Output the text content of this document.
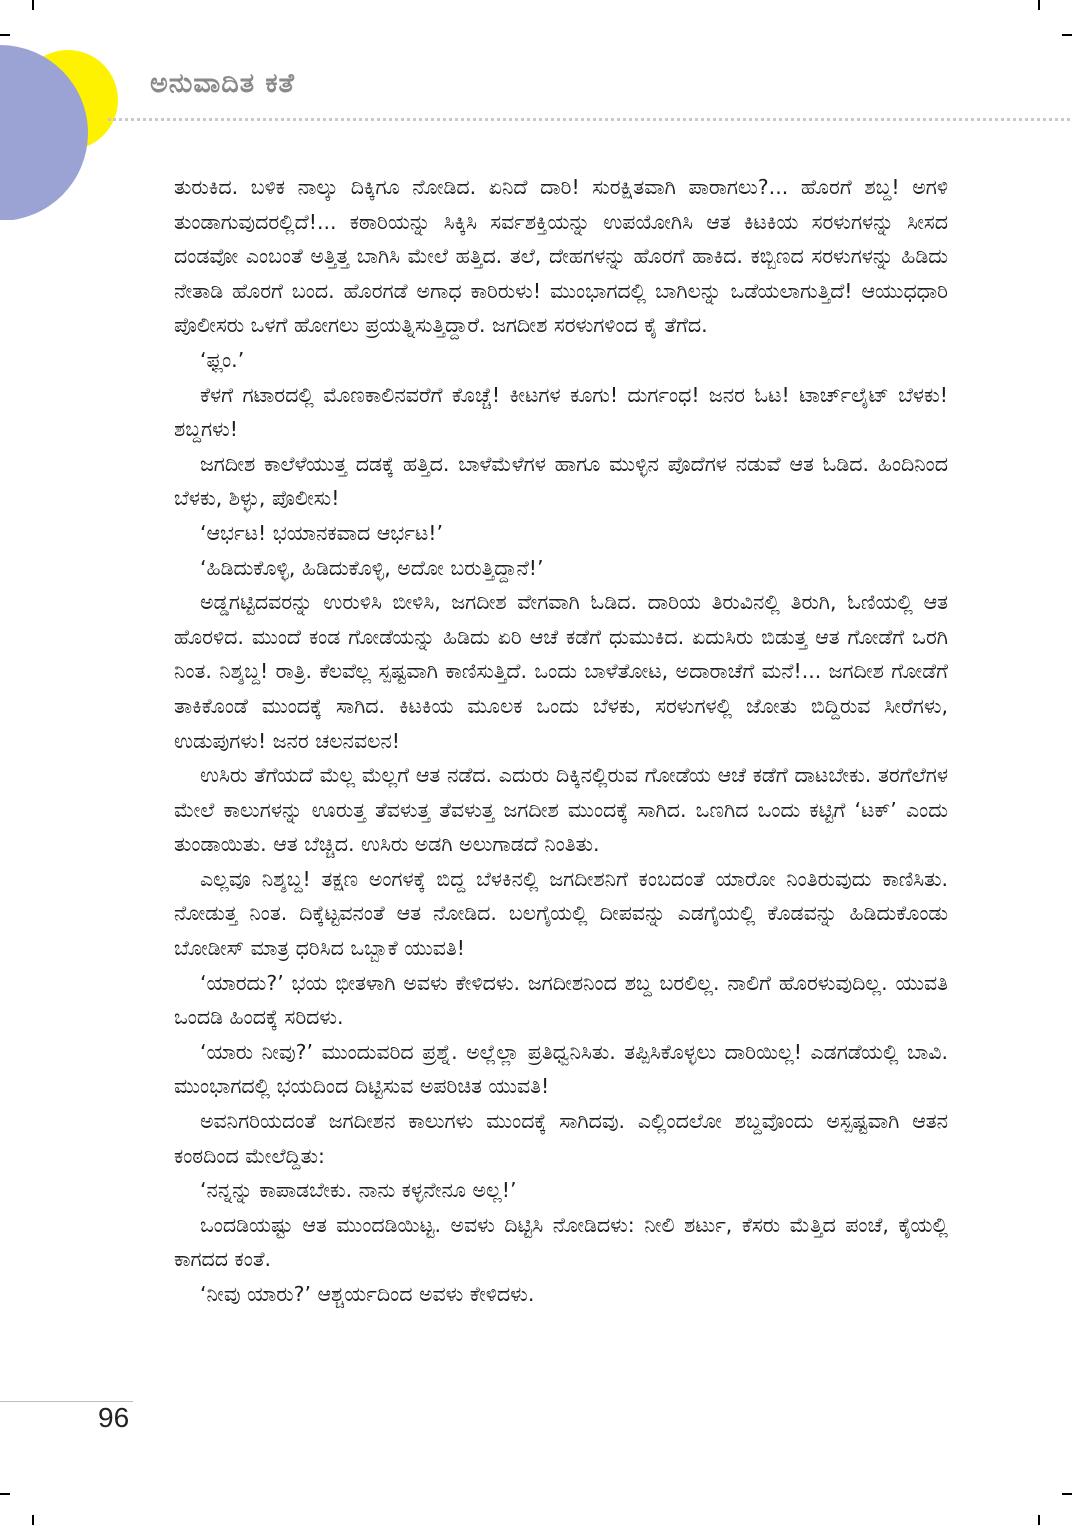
ಅನುವಾದಿತ ಕತೆ

ತುರುಕಿದ. ಬಳಿಕ ನಾಲ್ಕು ದಿಕ್ಕಿಗೂ ನೋಡಿದ. ಏನಿದೆ ದಾರಿ! ಸುರಕ್ಷಿತವಾಗಿ ಪಾರಾಗಲು?... ಹೊರಗೆ ಶಬ್ದ! ಅಗಳಿ ತುಂಡಾಗುವುದರಲ್ಲಿದೆ!... ಕಠಾರಿಯನ್ನು ಸಿಕ್ಕಿಸಿ ಸರ್ವಶಕ್ತಿಯನ್ನು ಉಪಯೋಗಿಸಿ ಆತ ಕಿಟಕಿಯ ಸರಳುಗಳನ್ನು ಸೀಸದ ದಂಡವೋ ಎಂಬಂತೆ ಅತ್ತಿತ್ತ ಬಾಗಿಸಿ ಮೇಲೆ ಹತ್ತಿದ. ತಲೆ, ದೇಹಗಳನ್ನು ಹೊರಗೆ ಹಾಕಿದ. ಕಬ್ಬಿಣದ ಸರಳುಗಳನ್ನು ಹಿಡಿದು ನೇತಾಡಿ ಹೊರಗೆ ಬಂದ. ಹೊರಗಡೆ ಅಗಾಧ ಕಾರಿರುಳು! ಮುಂಭಾಗದಲ್ಲಿ ಬಾಗಿಲನ್ನು ಒಡೆಯಲಾಗುತ್ತಿದೆ! ಆಯುಧಧಾರಿ ಪೊಲೀಸರು ಒಳಗೆ ಹೋಗಲು ಪ್ರಯತ್ನಿಸುತ್ತಿದ್ದಾರೆ. ಜಗದೀಶ ಸರಳುಗಳಿಂದ ಕೈ ತೆಗೆದ.

‘ಫ್ಲಂ.’

ಕೆಳಗೆ ಗಟಾರದಲ್ಲಿ ಮೊಣಕಾಲಿನವರೆಗೆ ಕೊಚ್ಚೆ! ಕೀಟಗಳ ಕೂಗು! ದುರ್ಗಂಧ! ಜನರ ಓಟ! ಟಾರ್ಚ್‌ಲೈಟ್ ಬೆಳಕು! ಶಬ್ದಗಳು!

ಜಗದೀಶ ಕಾಲೆಳೆಯುತ್ತ ದಡಕ್ಕೆ ಹತ್ತಿದ. ಬಾಳೆಮೆಳೆಗಳ ಹಾಗೂ ಮುಳ್ಳಿನ ಪೊದೆಗಳ ನಡುವೆ ಆತ ಓಡಿದ. ಹಿಂದಿನಿಂದ ಬೆಳಕು, ಶಿಳ್ಳು, ಪೊಲೀಸು!

‘ಆರ್ಭಟ! ಭಯಾನಕವಾದ ಆರ್ಭಟ!’

‘ಹಿಡಿದುಕೊಳ್ಳಿ, ಹಿಡಿದುಕೊಳ್ಳಿ, ಅದೋ ಬರುತ್ತಿದ್ದಾನೆ!’

ಅಡ್ಡಗಟ್ಟಿದವರನ್ನು ಉರುಳಿಸಿ ಬೀಳಿಸಿ, ಜಗದೀಶ ವೇಗವಾಗಿ ಓಡಿದ. ದಾರಿಯ ತಿರುವಿನಲ್ಲಿ ತಿರುಗಿ, ಓಣಿಯಲ್ಲಿ ಆತ ಹೊರಳಿದ. ಮುಂದೆ ಕಂಡ ಗೋಡೆಯನ್ನು ಹಿಡಿದು ಏರಿ ಆಚೆ ಕಡೆಗೆ ಧುಮುಕಿದ. ಏದುಸಿರು ಬಿಡುತ್ತ ಆತ ಗೋಡೆಗೆ ಒರಗಿ ನಿಂತ. ನಿಶ್ಶಬ್ದ! ರಾತ್ರಿ. ಕೆಲವೆಲ್ಲ ಸ್ಪಷ್ಟವಾಗಿ ಕಾಣಿಸುತ್ತಿದೆ. ಒಂದು ಬಾಳೆತೋಟ, ಅದಾರಾಚೆಗೆ ಮನೆ!... ಜಗದೀಶ ಗೋಡೆಗೆ ತಾಕಿಕೊಂಡೆ ಮುಂದಕ್ಕೆ ಸಾಗಿದ. ಕಿಟಕಿಯ ಮೂಲಕ ಒಂದು ಬೆಳಕು, ಸರಳುಗಳಲ್ಲಿ ಜೋತು ಬಿದ್ದಿರುವ ಸೀರೆಗಳು, ಉಡುಪುಗಳು! ಜನರ ಚಲನವಲನ!

ಉಸಿರು ತೆಗೆಯದೆ ಮೆಲ್ಲ ಮೆಲ್ಲಗೆ ಆತ ನಡೆದ. ಎದುರು ದಿಕ್ಕಿನಲ್ಲಿರುವ ಗೋಡೆಯ ಆಚೆ ಕಡೆಗೆ ದಾಟಬೇಕು. ತರಗೆಲೆಗಳ ಮೇಲೆ ಕಾಲುಗಳನ್ನು ಊರುತ್ತ ತೆವಳುತ್ತ ತೆವಳುತ್ತ ಜಗದೀಶ ಮುಂದಕ್ಕೆ ಸಾಗಿದ. ಒಣಗಿದ ಒಂದು ಕಟ್ಟಿಗೆ ‘ಟಕ್’ ಎಂದು ತುಂಡಾಯಿತು. ಆತ ಬೆಚ್ಚಿದ. ಉಸಿರು ಅಡಗಿ ಅಲುಗಾಡದೆ ನಿಂತಿತು.

ಎಲ್ಲವೂ ನಿಶ್ಶಬ್ದ! ತಕ್ಷಣ ಅಂಗಳಕ್ಕೆ ಬಿದ್ದ ಬೆಳಕಿನಲ್ಲಿ ಜಗದೀಶನಿಗೆ ಕಂಬದಂತೆ ಯಾರೋ ನಿಂತಿರುವುದು ಕಾಣಿಸಿತು. ನೋಡುತ್ತ ನಿಂತ. ದಿಕ್ಕೆಟ್ಟವನಂತೆ ಆತ ನೋಡಿದ. ಬಲಗೈಯಲ್ಲಿ ದೀಪವನ್ನು ಎಡಗೈಯಲ್ಲಿ ಕೊಡವನ್ನು ಹಿಡಿದುಕೊಂಡು ಬೋಡೀಸ್ ಮಾತ್ರ ಧರಿಸಿದ ಒಬ್ಬಾಕೆ ಯುವತಿ!

‘ಯಾರದು?’ ಭಯ ಭೀತಳಾಗಿ ಅವಳು ಕೇಳಿದಳು. ಜಗದೀಶನಿಂದ ಶಬ್ದ ಬರಲಿಲ್ಲ. ನಾಲಿಗೆ ಹೊರಳುವುದಿಲ್ಲ. ಯುವತಿ ಒಂದಡಿ ಹಿಂದಕ್ಕೆ ಸರಿದಳು.

‘ಯಾರು ನೀವು?’ ಮುಂದುವರಿದ ಪ್ರಶ್ನೆ. ಅಲ್ಲೆಲ್ಲಾ ಪ್ರತಿಧ್ವನಿಸಿತು. ತಪ್ಪಿಸಿಕೊಳ್ಳಲು ದಾರಿಯಿಲ್ಲ! ಎಡಗಡೆಯಲ್ಲಿ ಬಾವಿ. ಮುಂಭಾಗದಲ್ಲಿ ಭಯದಿಂದ ದಿಟ್ಟಿಸುವ ಅಪರಿಚಿತ ಯುವತಿ!

ಅವನಿಗರಿಯದಂತೆ ಜಗದೀಶನ ಕಾಲುಗಳು ಮುಂದಕ್ಕೆ ಸಾಗಿದವು. ಎಲ್ಲಿಂದಲೋ ಶಬ್ದವೊಂದು ಅಸ್ಪಷ್ಟವಾಗಿ ಆತನ ಕಂಠದಿಂದ ಮೇಲೆದ್ದಿತು:

‘ನನ್ನನ್ನು ಕಾಪಾಡಬೇಕು. ನಾನು ಕಳ್ಳನೇನೂ ಅಲ್ಲ!’

ಒಂದಡಿಯಷ್ಟು ಆತ ಮುಂದಡಿಯಿಟ್ಟ. ಅವಳು ದಿಟ್ಟಿಸಿ ನೋಡಿದಳು: ನೀಲಿ ಶರ್ಟು, ಕೆಸರು ಮೆತ್ತಿದ ಪಂಚೆ, ಕೈಯಲ್ಲಿ ಕಾಗದದ ಕಂತೆ.

‘ನೀವು ಯಾರು?’ ಆಶ್ಚರ್ಯದಿಂದ ಅವಳು ಕೇಳಿದಳು.

96
